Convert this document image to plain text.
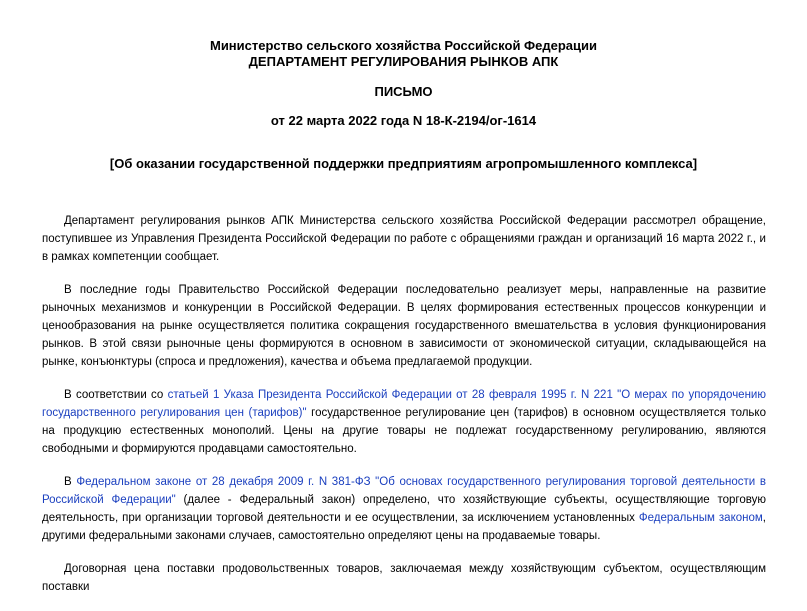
Министерство сельского хозяйства Российской Федерации
ДЕПАРТАМЕНТ РЕГУЛИРОВАНИЯ РЫНКОВ АПК
ПИСЬМО
от 22 марта 2022 года N 18-К-2194/ог-1614
[Об оказании государственной поддержки предприятиям агропромышленного комплекса]

Департамент регулирования рынков АПК Министерства сельского хозяйства Российской Федерации рассмотрел обращение, поступившее из Управления Президента Российской Федерации по работе с обращениями граждан и организаций 16 марта 2022 г., и в рамках компетенции сообщает.

В последние годы Правительство Российской Федерации последовательно реализует меры, направленные на развитие рыночных механизмов и конкуренции в Российской Федерации. В целях формирования естественных процессов конкуренции и ценообразования на рынке осуществляется политика сокращения государственного вмешательства в условия функционирования рынков. В этой связи рыночные цены формируются в основном в зависимости от экономической ситуации, складывающейся на рынке, конъюнктуры (спроса и предложения), качества и объема предлагаемой продукции.

В соответствии со статьей 1 Указа Президента Российской Федерации от 28 февраля 1995 г. N 221 "О мерах по упорядочению государственного регулирования цен (тарифов)" государственное регулирование цен (тарифов) в основном осуществляется только на продукцию естественных монополий. Цены на другие товары не подлежат государственному регулированию, являются свободными и формируются продавцами самостоятельно.

В Федеральном законе от 28 декабря 2009 г. N 381-ФЗ "Об основах государственного регулирования торговой деятельности в Российской Федерации" (далее - Федеральный закон) определено, что хозяйствующие субъекты, осуществляющие торговую деятельность, при организации торговой деятельности и ее осуществлении, за исключением установленных Федеральным законом, другими федеральными законами случаев, самостоятельно определяют цены на продаваемые товары.

Договорная цена поставки продовольственных товаров, заключаемая между хозяйствующим субъектом, осуществляющим поставки
